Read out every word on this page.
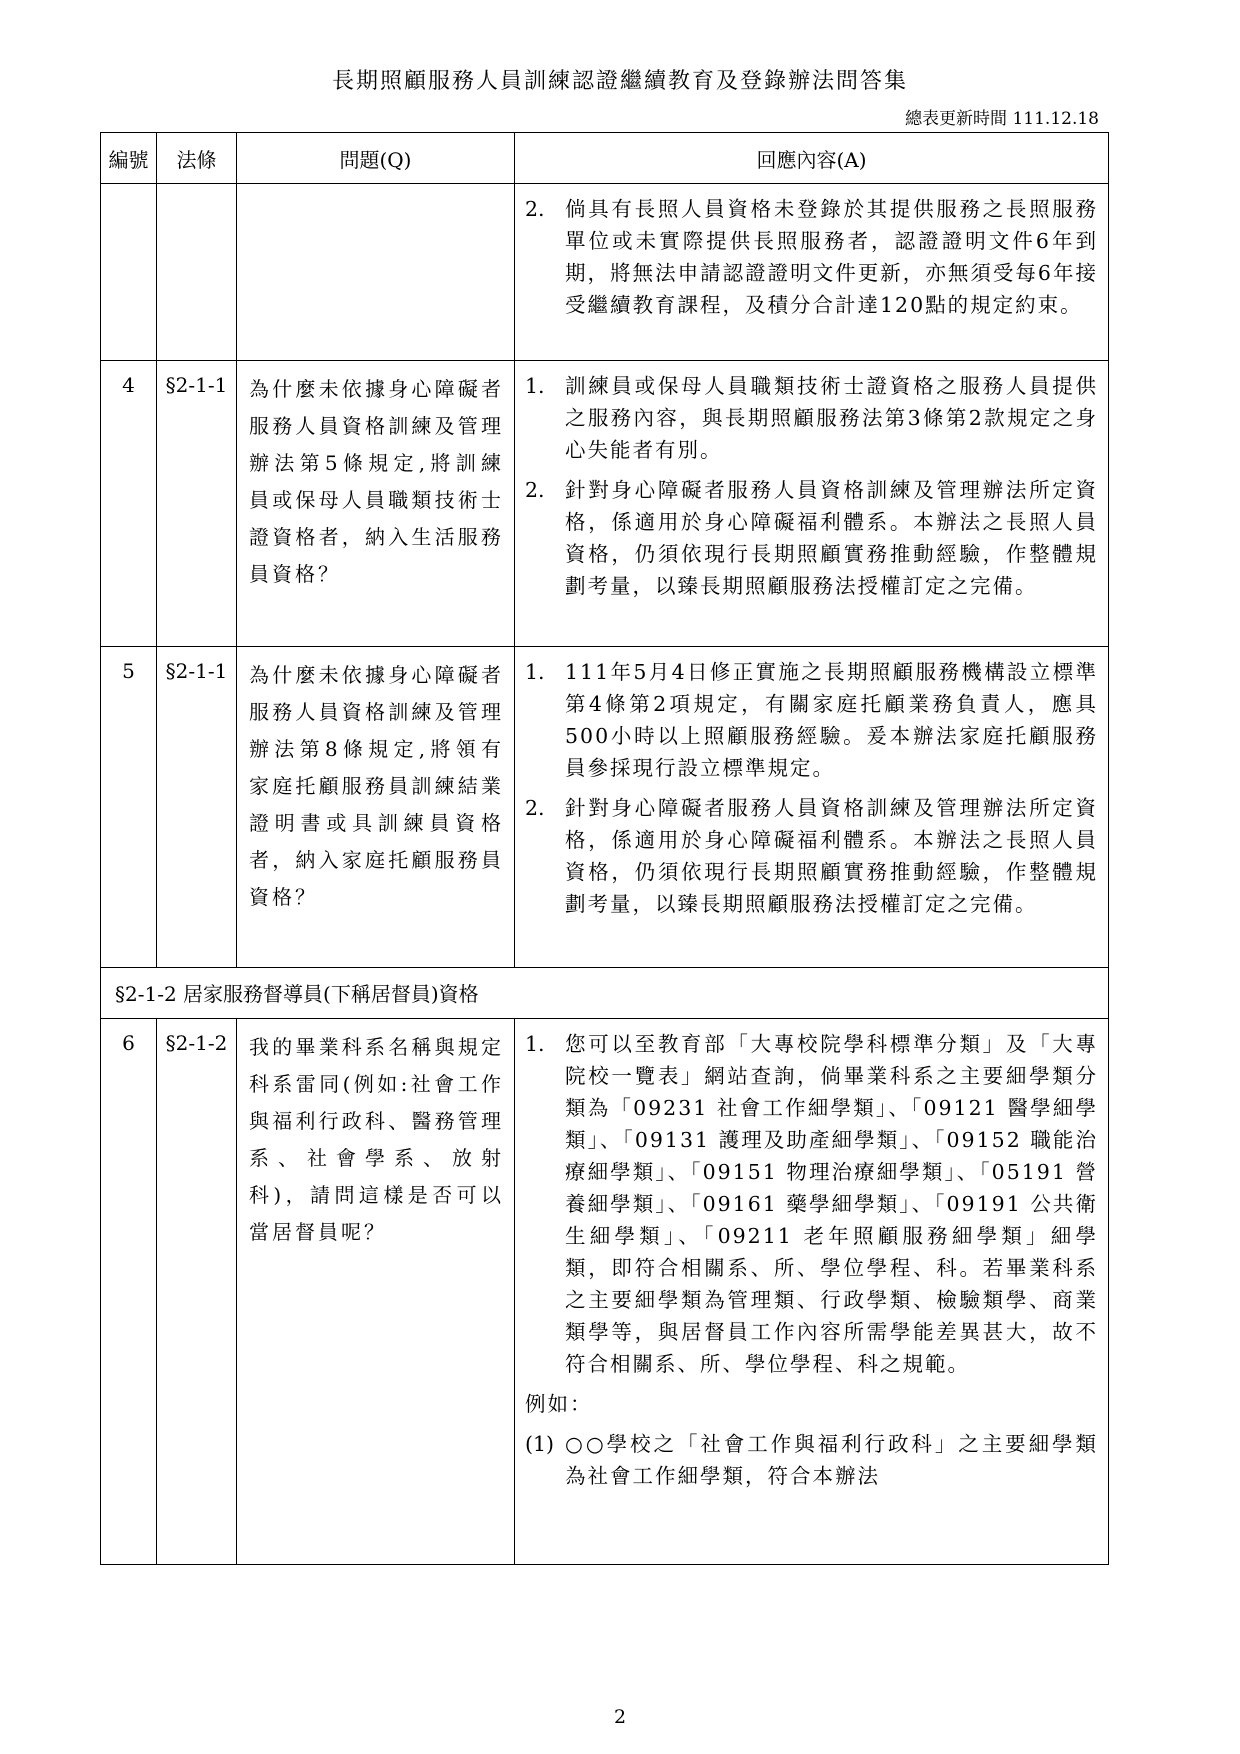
長期照顧服務人員訓練認證繼續教育及登錄辦法問答集
總表更新時間 111.12.18
編號	法條	問題(Q)	回應內容(A)

			2. 倘具有長照人員資格未登錄於其提供服務之長照服務單位或未實際提供長照服務者，認證證明文件6年到期，將無法申請認證證明文件更新，亦無須受每6年接受繼續教育課程，及積分合計達120點的規定約束。

4	§2-1-1	為什麼未依據身心障礙者服務人員資格訓練及管理辦法第5條規定,將訓練員或保母人員職類技術士證資格者，納入生活服務員資格？	1. 訓練員或保母人員職類技術士證資格之服務人員提供之服務內容，與長期照顧服務法第3條第2款規定之身心失能者有別。
2. 針對身心障礙者服務人員資格訓練及管理辦法所定資格，係適用於身心障礙福利體系。本辦法之長照人員資格，仍須依現行長期照顧實務推動經驗，作整體規劃考量，以臻長期照顧服務法授權訂定之完備。

5	§2-1-1	為什麼未依據身心障礙者服務人員資格訓練及管理辦法第8條規定,將領有家庭托顧服務員訓練結業證明書或具訓練員資格者，納入家庭托顧服務員資格？	1. 111年5月4日修正實施之長期照顧服務機構設立標準第4條第2項規定，有關家庭托顧業務負責人，應具500小時以上照顧服務經驗。爰本辦法家庭托顧服務員參採現行設立標準規定。
2. 針對身心障礙者服務人員資格訓練及管理辦法所定資格，係適用於身心障礙福利體系。本辦法之長照人員資格，仍須依現行長期照顧實務推動經驗，作整體規劃考量，以臻長期照顧服務法授權訂定之完備。

§2-1-2 居家服務督導員(下稱居督員)資格			
6	§2-1-2	我的畢業科系名稱與規定科系雷同(例如:社會工作與福利行政科、醫務管理系、社會學系、放射科)，請問這樣是否可以當居督員呢？	1. 您可以至教育部「大專校院學科標準分類」及「大專院校一覽表」網站查詢，倘畢業科系之主要細學類分類為「09231 社會工作細學類」、「09121 醫學細學類」、「09131 護理及助產細學類」、「09152 職能治療細學類」、「09151 物理治療細學類」、「05191 營養細學類」、「09161 藥學細學類」、「09191 公共衛生細學類」、「09211 老年照顧服務細學類」細學類，即符合相關系、所、學位學程、科。若畢業科系之主要細學類為管理類、行政學類、檢驗類學、商業類學等，與居督員工作內容所需學能差異甚大，故不符合相關系、所、學位學程、科之規範。
例如：
(1) ○○學校之「社會工作與福利行政科」之主要細學類為社會工作細學類，符合本辦法
2
